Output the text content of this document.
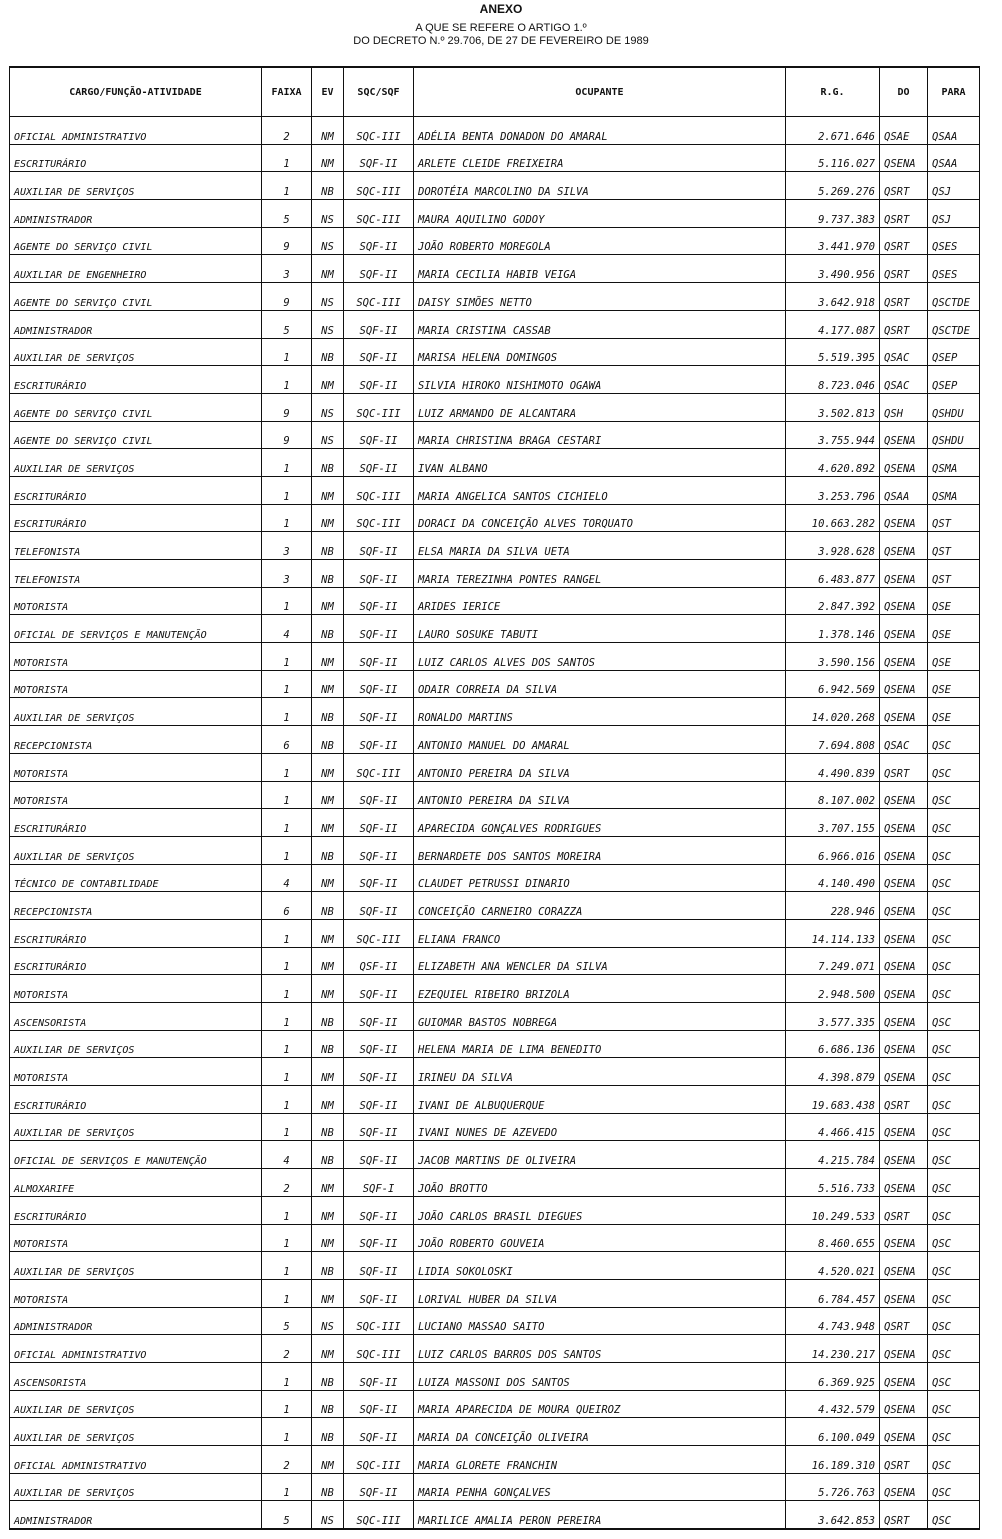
ANEXO
A QUE SE REFERE O ARTIGO 1.º
DO DECRETO N.º 29.706, DE 27 DE FEVEREIRO DE 1989
CARGO/FUNÇÃO-ATIVIDADE	FAIXA	EV	SQC/SQF	OCUPANTE	R.G.	DO	PARA
OFICIAL ADMINISTRATIVO	2	NM	SQC-III	ADÉLIA BENTA DONADON DO AMARAL	2.671.646	QSAE	QSAA
ESCRITURÁRIO	1	NM	SQF-II	ARLETE CLEIDE FREIXEIRA	5.116.027	QSENA	QSAA
AUXILIAR DE SERVIÇOS	1	NB	SQC-III	DOROTÉIA MARCOLINO DA SILVA	5.269.276	QSRT	QSJ
ADMINISTRADOR	5	NS	SQC-III	MAURA AQUILINO GODOY	9.737.383	QSRT	QSJ
AGENTE DO SERVIÇO CIVIL	9	NS	SQF-II	JOÃO ROBERTO MOREGOLA	3.441.970	QSRT	QSES
AUXILIAR DE ENGENHEIRO	3	NM	SQF-II	MARIA CECILIA HABIB VEIGA	3.490.956	QSRT	QSES
AGENTE DO SERVIÇO CIVIL	9	NS	SQC-III	DAISY SIMÕES NETTO	3.642.918	QSRT	QSCTDE
ADMINISTRADOR	5	NS	SQF-II	MARIA CRISTINA CASSAB	4.177.087	QSRT	QSCTDE
AUXILIAR DE SERVIÇOS	1	NB	SQF-II	MARISA HELENA DOMINGOS	5.519.395	QSAC	QSEP
ESCRITURÁRIO	1	NM	SQF-II	SILVIA HIROKO NISHIMOTO OGAWA	8.723.046	QSAC	QSEP
AGENTE DO SERVIÇO CIVIL	9	NS	SQC-III	LUIZ ARMANDO DE ALCANTARA	3.502.813	QSH	QSHDU
AGENTE DO SERVIÇO CIVIL	9	NS	SQF-II	MARIA CHRISTINA BRAGA CESTARI	3.755.944	QSENA	QSHDU
AUXILIAR DE SERVIÇOS	1	NB	SQF-II	IVAN ALBANO	4.620.892	QSENA	QSMA
ESCRITURÁRIO	1	NM	SQC-III	MARIA ANGELICA SANTOS CICHIELO	3.253.796	QSAA	QSMA
ESCRITURÁRIO	1	NM	SQC-III	DORACI DA CONCEIÇÃO ALVES TORQUATO	10.663.282	QSENA	QST
TELEFONISTA	3	NB	SQF-II	ELSA MARIA DA SILVA UETA	3.928.628	QSENA	QST
TELEFONISTA	3	NB	SQF-II	MARIA TEREZINHA PONTES RANGEL	6.483.877	QSENA	QST
MOTORISTA	1	NM	SQF-II	ARIDES IERICE	2.847.392	QSENA	QSE
OFICIAL DE SERVIÇOS E MANUTENÇÃO	4	NB	SQF-II	LAURO SOSUKE TABUTI	1.378.146	QSENA	QSE
MOTORISTA	1	NM	SQF-II	LUIZ CARLOS ALVES DOS SANTOS	3.590.156	QSENA	QSE
MOTORISTA	1	NM	SQF-II	ODAIR CORREIA DA SILVA	6.942.569	QSENA	QSE
AUXILIAR DE SERVIÇOS	1	NB	SQF-II	RONALDO MARTINS	14.020.268	QSENA	QSE
RECEPCIONISTA	6	NB	SQF-II	ANTONIO MANUEL DO AMARAL	7.694.808	QSAC	QSC
MOTORISTA	1	NM	SQC-III	ANTONIO PEREIRA DA SILVA	4.490.839	QSRT	QSC
MOTORISTA	1	NM	SQF-II	ANTONIO PEREIRA DA SILVA	8.107.002	QSENA	QSC
ESCRITURÁRIO	1	NM	SQF-II	APARECIDA GONÇALVES RODRIGUES	3.707.155	QSENA	QSC
AUXILIAR DE SERVIÇOS	1	NB	SQF-II	BERNARDETE DOS SANTOS MOREIRA	6.966.016	QSENA	QSC
TÉCNICO DE CONTABILIDADE	4	NM	SQF-II	CLAUDET PETRUSSI DINARIO	4.140.490	QSENA	QSC
RECEPCIONISTA	6	NB	SQF-II	CONCEIÇÃO CARNEIRO CORAZZA	228.946	QSENA	QSC
ESCRITURÁRIO	1	NM	SQC-III	ELIANA FRANCO	14.114.133	QSENA	QSC
ESCRITURÁRIO	1	NM	QSF-II	ELIZABETH ANA WENCLER DA SILVA	7.249.071	QSENA	QSC
MOTORISTA	1	NM	SQF-II	EZEQUIEL RIBEIRO BRIZOLA	2.948.500	QSENA	QSC
ASCENSORISTA	1	NB	SQF-II	GUIOMAR BASTOS NOBREGA	3.577.335	QSENA	QSC
AUXILIAR DE SERVIÇOS	1	NB	SQF-II	HELENA MARIA DE LIMA BENEDITO	6.686.136	QSENA	QSC
MOTORISTA	1	NM	SQF-II	IRINEU DA SILVA	4.398.879	QSENA	QSC
ESCRITURÁRIO	1	NM	SQF-II	IVANI DE ALBUQUERQUE	19.683.438	QSRT	QSC
AUXILIAR DE SERVIÇOS	1	NB	SQF-II	IVANI NUNES DE AZEVEDO	4.466.415	QSENA	QSC
OFICIAL DE SERVIÇOS E MANUTENÇÃO	4	NB	SQF-II	JACOB MARTINS DE OLIVEIRA	4.215.784	QSENA	QSC
ALMOXARIFE	2	NM	SQF-I	JOÃO BROTTO	5.516.733	QSENA	QSC
ESCRITURÁRIO	1	NM	SQF-II	JOÃO CARLOS BRASIL DIEGUES	10.249.533	QSRT	QSC
MOTORISTA	1	NM	SQF-II	JOÃO ROBERTO GOUVEIA	8.460.655	QSENA	QSC
AUXILIAR DE SERVIÇOS	1	NB	SQF-II	LIDIA SOKOLOSKI	4.520.021	QSENA	QSC
MOTORISTA	1	NM	SQF-II	LORIVAL HUBER DA SILVA	6.784.457	QSENA	QSC
ADMINISTRADOR	5	NS	SQC-III	LUCIANO MASSAO SAITO	4.743.948	QSRT	QSC
OFICIAL ADMINISTRATIVO	2	NM	SQC-III	LUIZ CARLOS BARROS DOS SANTOS	14.230.217	QSENA	QSC
ASCENSORISTA	1	NB	SQF-II	LUIZA MASSONI DOS SANTOS	6.369.925	QSENA	QSC
AUXILIAR DE SERVIÇOS	1	NB	SQF-II	MARIA APARECIDA DE MOURA QUEIROZ	4.432.579	QSENA	QSC
AUXILIAR DE SERVIÇOS	1	NB	SQF-II	MARIA DA CONCEIÇÃO OLIVEIRA	6.100.049	QSENA	QSC
OFICIAL ADMINISTRATIVO	2	NM	SQC-III	MARIA GLORETE FRANCHIN	16.189.310	QSRT	QSC
AUXILIAR DE SERVIÇOS	1	NB	SQF-II	MARIA PENHA GONÇALVES	5.726.763	QSENA	QSC
ADMINISTRADOR	5	NS	SQC-III	MARILICE AMALIA PERON PEREIRA	3.642.853	QSRT	QSC
